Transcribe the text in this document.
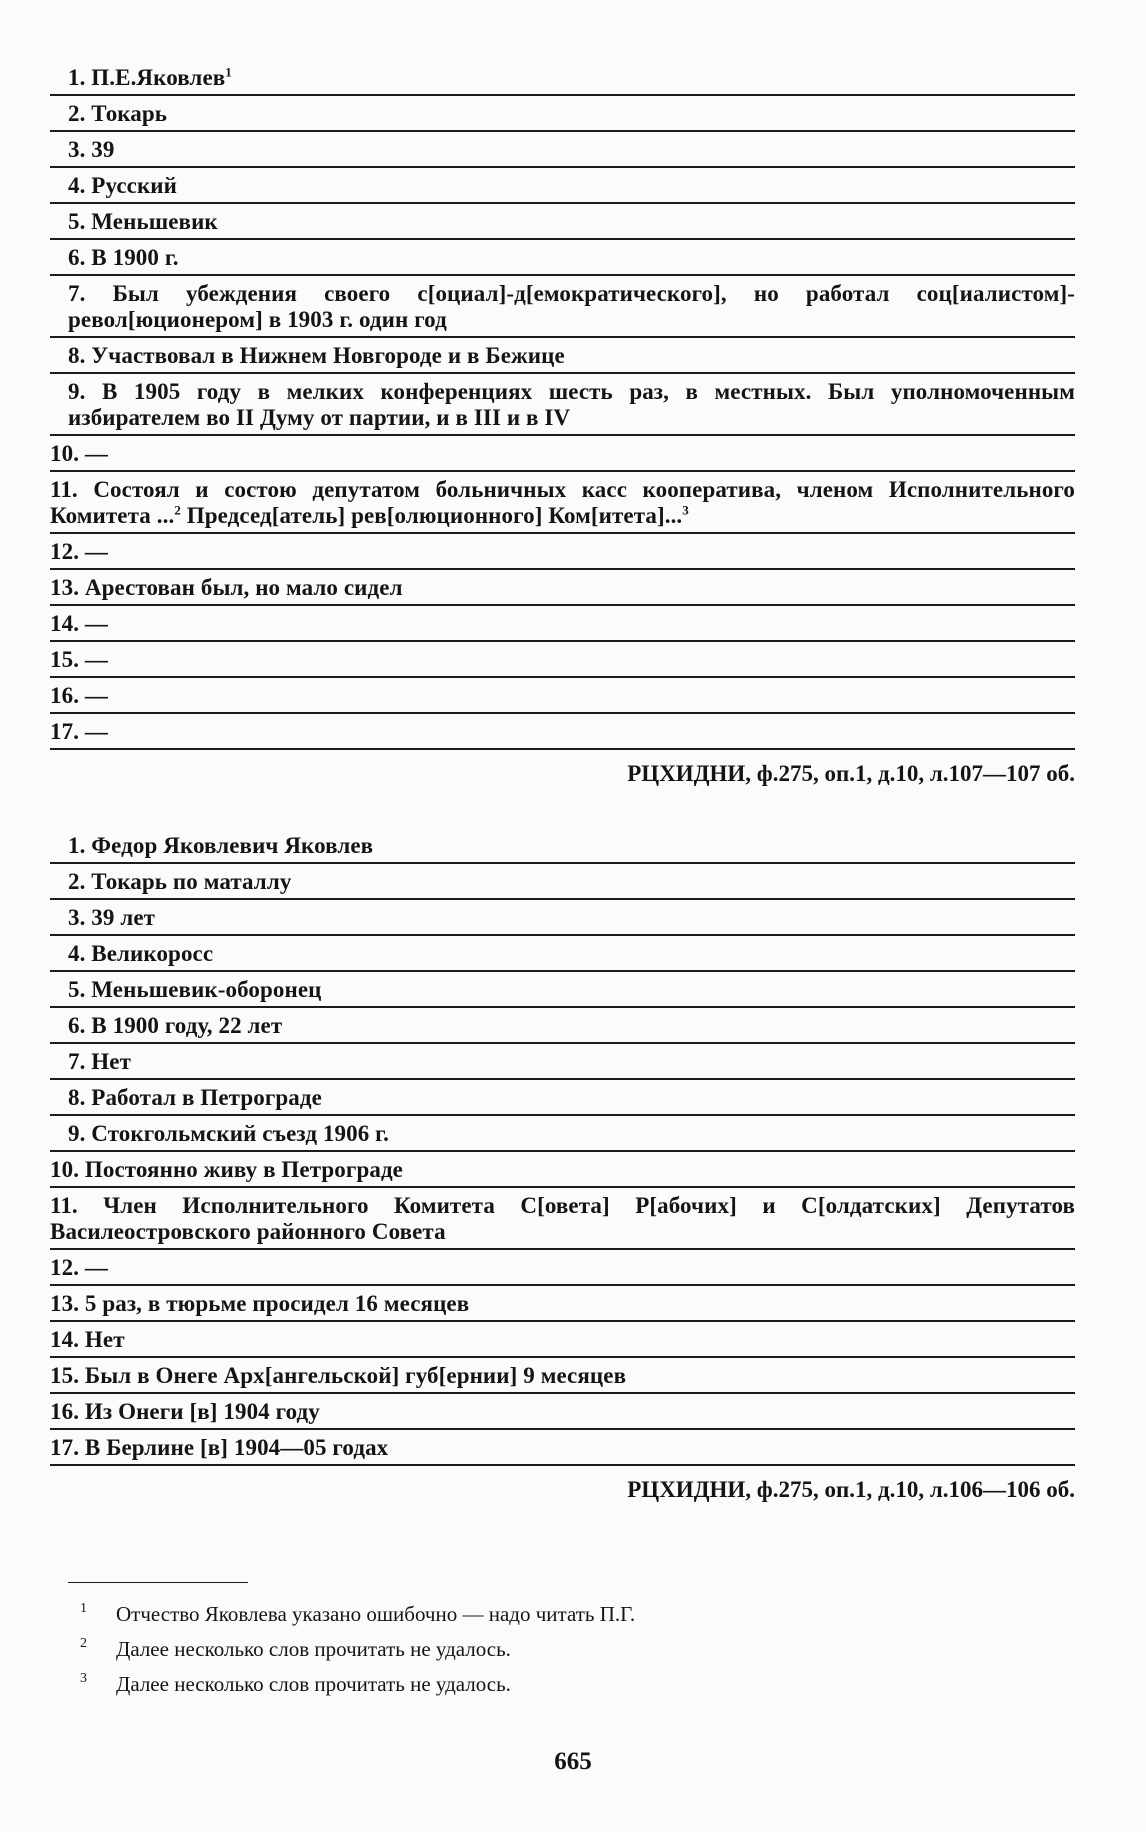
1. П.Е.Яковлев$^1$
2. Токарь
3. 39
4. Русский
5. Меньшевик
6. В 1900 г.
7. Был убеждения своего с[оциал]-д[емократического], но работал соц[иалистом]-револ[юционером] в 1903 г. один год
8. Участвовал в Нижнем Новгороде и в Бежице
9. В 1905 году в мелких конференциях шесть раз, в местных. Был уполномоченным избирателем во II Думу от партии, и в III и в IV
10. —
11. Состоял и состою депутатом больничных касс кооператива, членом Исполнительного Комитета ...$^2$ Председ[атель] рев[олюционного] Ком[итета]...$^3$
12. —
13. Арестован был, но мало сидел
14. —
15. —
16. —
17. —
РЦХИДНИ, ф.275, оп.1, д.10, л.107—107 об.
1. Федор Яковлевич Яковлев
2. Токарь по маталлу
3. 39 лет
4. Великоросс
5. Меньшевик-оборонец
6. В 1900 году, 22 лет
7. Нет
8. Работал в Петрограде
9. Стокгольмский съезд 1906 г.
10. Постоянно живу в Петрограде
11. Член Исполнительного Комитета С[овета] Р[абочих] и С[олдатских] Депутатов Василеостровского районного Совета
12. —
13. 5 раз, в тюрьме просидел 16 месяцев
14. Нет
15. Был в Онеге Арх[ангельской] губ[ернии] 9 месяцев
16. Из Онеги [в] 1904 году
17. В Берлине [в] 1904—05 годах
РЦХИДНИ, ф.275, оп.1, д.10, л.106—106 об.
1	Отчество Яковлева указано ошибочно — надо читать П.Г.
2	Далее несколько слов прочитать не удалось.
3	Далее несколько слов прочитать не удалось.
665
